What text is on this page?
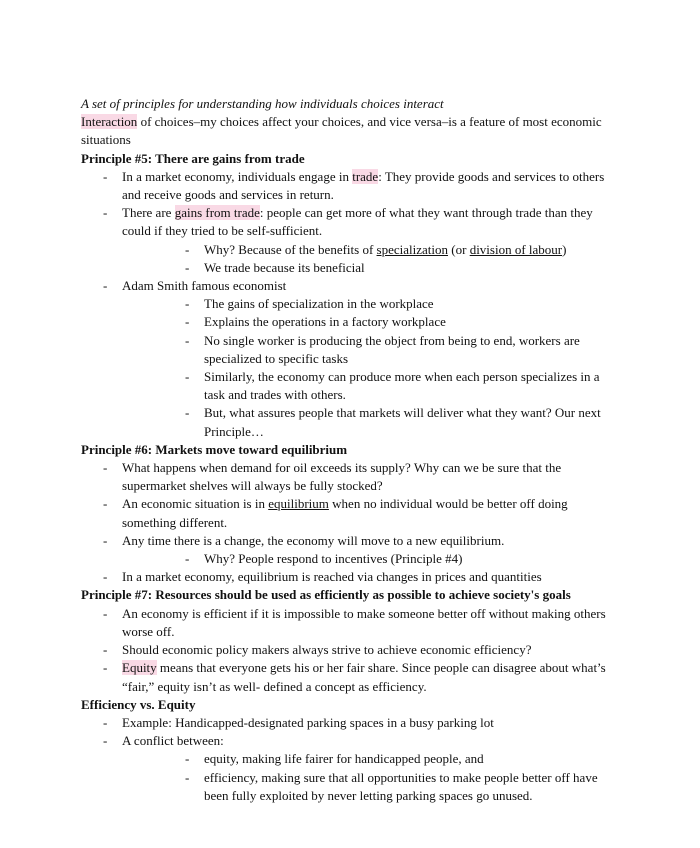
A set of principles for understanding how individuals choices interact
Interaction of choices–my choices affect your choices, and vice versa–is a feature of most economic situations
Principle #5: There are gains from trade
- In a market economy, individuals engage in trade: They provide goods and services to others and receive goods and services in return.
- There are gains from trade: people can get more of what they want through trade than they could if they tried to be self-sufficient.
- Why? Because of the benefits of specialization (or division of labour)
- We trade because its beneficial
- Adam Smith famous economist
- The gains of specialization in the workplace
- Explains the operations in a factory workplace
- No single worker is producing the object from being to end, workers are specialized to specific tasks
- Similarly, the economy can produce more when each person specializes in a task and trades with others.
- But, what assures people that markets will deliver what they want? Our next Principle…
Principle #6: Markets move toward equilibrium
- What happens when demand for oil exceeds its supply? Why can we be sure that the supermarket shelves will always be fully stocked?
- An economic situation is in equilibrium when no individual would be better off doing something different.
- Any time there is a change, the economy will move to a new equilibrium.
- Why? People respond to incentives (Principle #4)
- In a market economy, equilibrium is reached via changes in prices and quantities
Principle #7: Resources should be used as efficiently as possible to achieve society's goals
- An economy is efficient if it is impossible to make someone better off without making others worse off.
- Should economic policy makers always strive to achieve economic efficiency?
- Equity means that everyone gets his or her fair share. Since people can disagree about what’s “fair,” equity isn’t as well- defined a concept as efficiency.
Efficiency vs. Equity
- Example: Handicapped-designated parking spaces in a busy parking lot
- A conflict between:
- equity, making life fairer for handicapped people, and
- efficiency, making sure that all opportunities to make people better off have been fully exploited by never letting parking spaces go unused.
